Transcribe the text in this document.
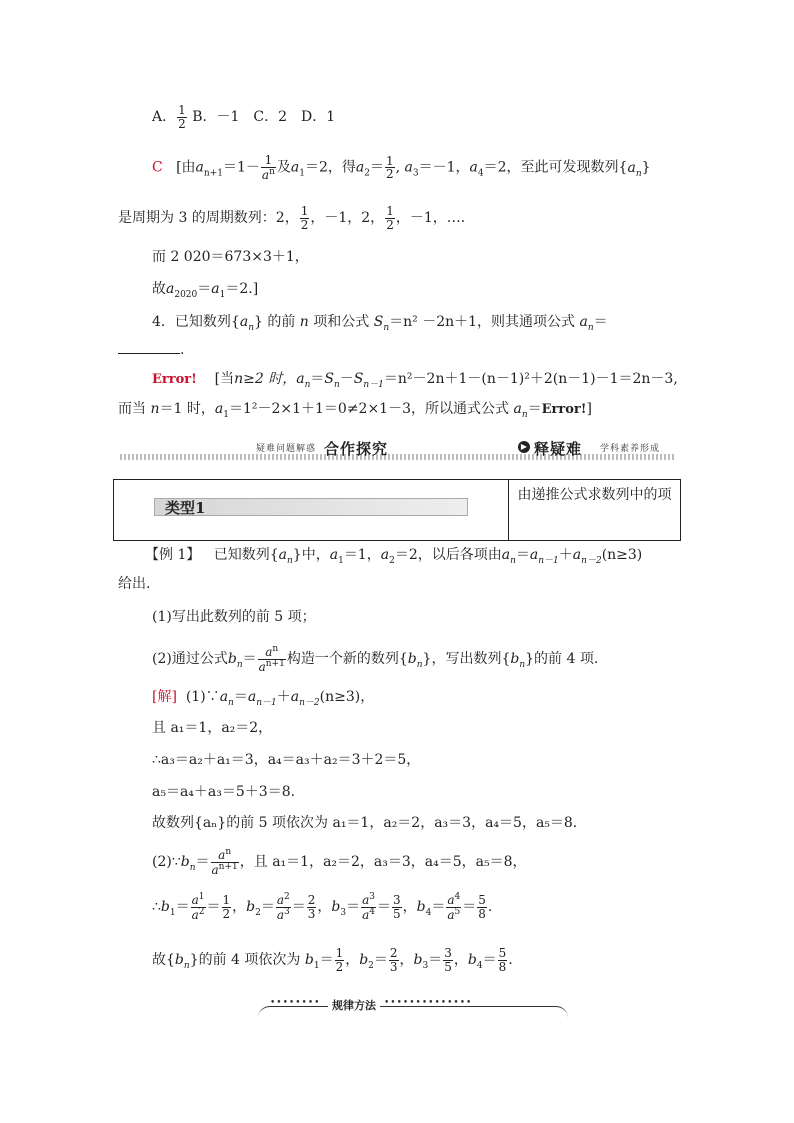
A． $\frac{1}{2}$ B．－1　C．2　D．1
C [由$a_{n+1}=1- \frac{1}{a^n}$ 及$a_1=2$，得$a_2= \frac{1}{2}$ , $a_3=-1$，$a_4=2$，至此可发现数列$\{a_n\}$
是周期为 3 的周期数列：2， $\frac{1}{2}$ ，－1，2， $\frac{1}{2}$ ，－1，…．
而 2 020＝673×3＋1，
故$a_{2020}=a_1=2$.]
4．已知数列$\{a_n\}$ 的前 n 项和公式 $S_n=n^2 -2n+1$，则其通项公式 $a_n=$
.
Error! [当n≥2 时，$a_n=S_n-S_{n-1}=n^2-2n+1-(n-1)^2+2(n-1)-1=2n-3$,
而当 n＝1 时，$a_1=1^2-2\times 1+1=0\ne 2\times 1-3$，所以通式公式 $a_n=Error$!]
疑难问题解惑 合作探究	▶ 释疑难 学科素养形成
类型1
由递推公式求数列中的项
【例 1】 已知数列$\{a_n\}$中，$a_1=1$，$a_2=2$，以后各项由$a_n=a_{n-1}+a_{n-2}(n\ge 3)$
给出.
(1)写出此数列的前 5 项；
(2)通过公式$b_n= \frac{a^n}{a^{n+1}}$ 构造一个新的数列$\{b_n\}$，写出数列$\{b_n\}$的前 4 项.
[解] $(1)\because a_n=a_{n-1}+a_{n-2}(n\ge 3)$，
且 a₁＝1，a₂＝2，
∴a₃＝a₂＋a₁＝3，a₄＝a₃＋a₂＝3＋2＝5，
a₅＝a₄＋a₃＝5＋3＝8.
故数列{aₙ}的前 5 项依次为 a₁＝1，a₂＝2，a₃＝3，a₄＝5，a₅＝8.
$(2)\because b_n= \frac{a^n}{a^{n+1}}$ ，且 a₁＝1，a₂＝2，a₃＝3，a₄＝5，a₅＝8，
$\therefore b_1= \frac{a^1}{a^2} = \frac{1}{2}$ ，$b_2= \frac{a^2}{a^3} = \frac{2}{3}$ ，$b_3= \frac{a^3}{a^4} = \frac{3}{5}$ ，$b_4= \frac{a^4}{a^5} = \frac{5}{8}$ .
故$\{b_n\}$的前 4 项依次为 $b_1= \frac{1}{2}$ ，$b_2= \frac{2}{3}$ ，$b_3= \frac{3}{5}$ ，$b_4= \frac{5}{8}$ .
••••••••	规律方法 ••••••••••••••
